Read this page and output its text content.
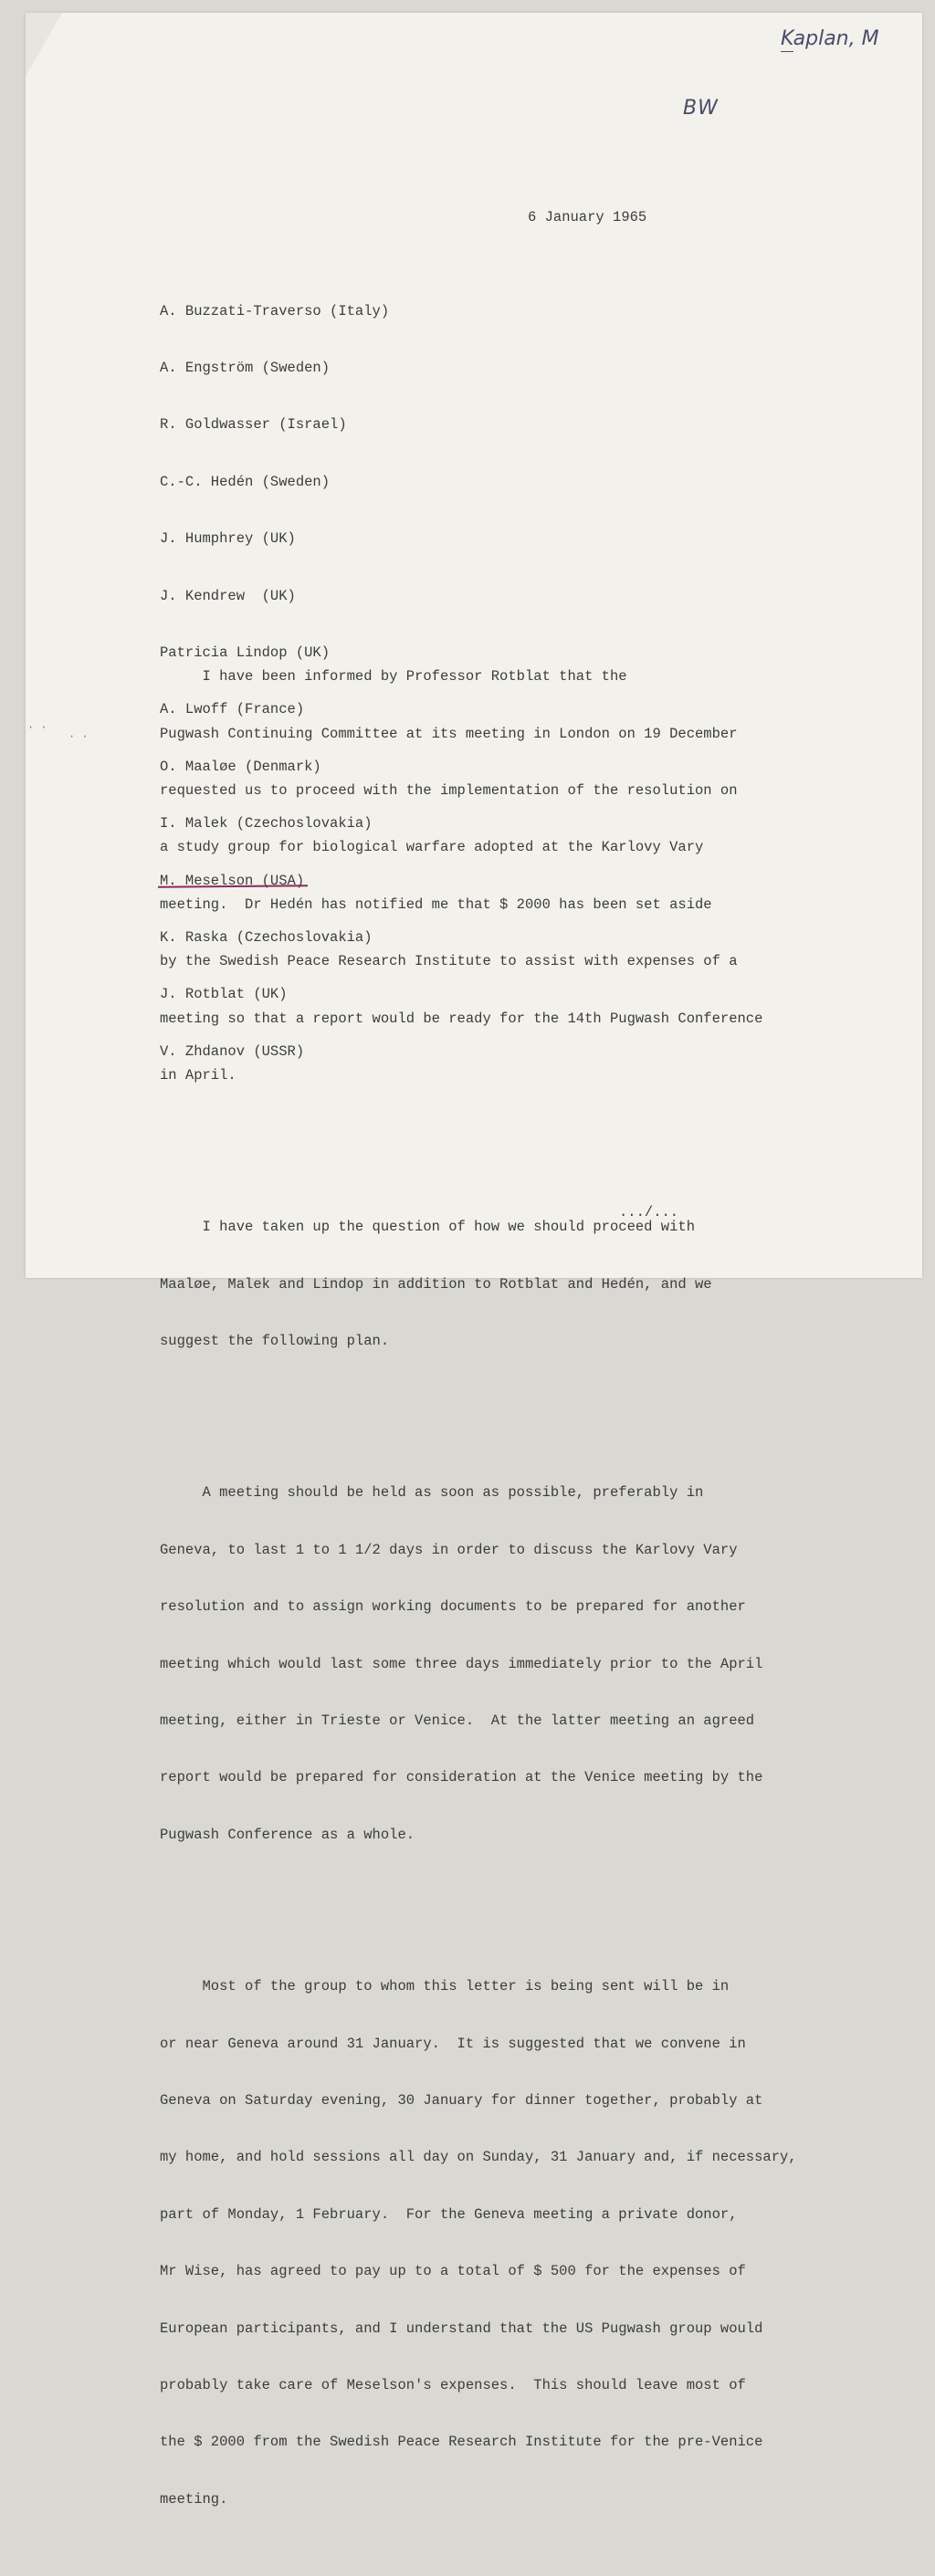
Kaplan, M
BW
6 January 1965

A. Buzzati-Traverso (Italy)

A. Engström (Sweden)

R. Goldwasser (Israel)

C.-C. Hedén (Sweden)

J. Humphrey (UK)

J. Kendrew  (UK)

Patricia Lindop (UK)

A. Lwoff (France)

O. Maaløe (Denmark)

I. Malek (Czechoslovakia)

M. Meselson (USA)

K. Raska (Czechoslovakia)

J. Rotblat (UK)

V. Zhdanov (USSR)

I have been informed by Professor Rotblat that the

Pugwash Continuing Committee at its meeting in London on 19 December

requested us to proceed with the implementation of the resolution on

a study group for biological warfare adopted at the Karlovy Vary

meeting.  Dr Hedén has notified me that $ 2000 has been set aside

by the Swedish Peace Research Institute to assist with expenses of a

meeting so that a report would be ready for the 14th Pugwash Conference

in April.

I have taken up the question of how we should proceed with

Maaløe, Malek and Lindop in addition to Rotblat and Hedén, and we

suggest the following plan.

A meeting should be held as soon as possible, preferably in

Geneva, to last 1 to 1 1/2 days in order to discuss the Karlovy Vary

resolution and to assign working documents to be prepared for another

meeting which would last some three days immediately prior to the April

meeting, either in Trieste or Venice.  At the latter meeting an agreed

report would be prepared for consideration at the Venice meeting by the

Pugwash Conference as a whole.

Most of the group to whom this letter is being sent will be in

or near Geneva around 31 January.  It is suggested that we convene in

Geneva on Saturday evening, 30 January for dinner together, probably at

my home, and hold sessions all day on Sunday, 31 January and, if necessary,

part of Monday, 1 February.  For the Geneva meeting a private donor,

Mr Wise, has agreed to pay up to a total of $ 500 for the expenses of

European participants, and I understand that the US Pugwash group would

probably take care of Meselson's expenses.  This should leave most of

the $ 2000 from the Swedish Peace Research Institute for the pre-Venice

meeting.

.../...
· ·
· ·
